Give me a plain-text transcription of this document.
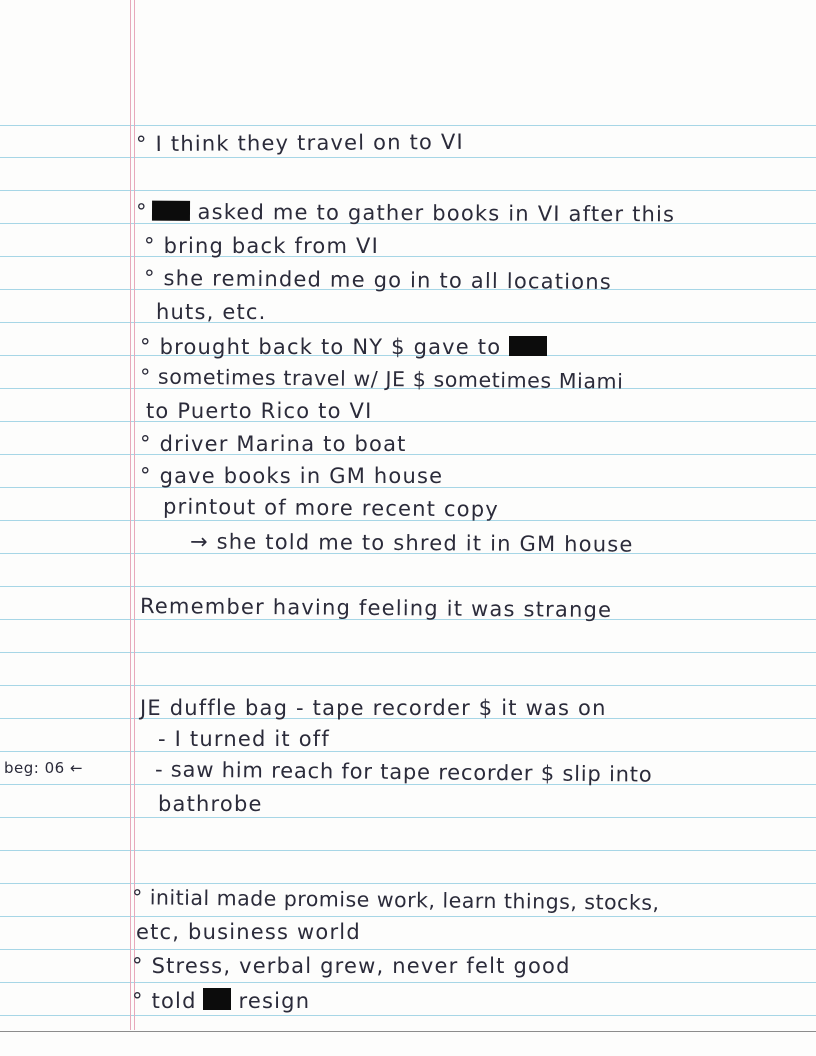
° I think they travel on to VI
° asked me to gather books in VI after this
° bring back from VI
° she reminded me go in to all locations
huts, etc.
° brought back to NY $ gave to
° sometimes travel w/ JE $ sometimes Miami
to Puerto Rico to VI
° driver Marina to boat
° gave books in GM house
printout of more recent copy
→ she told me to shred it in GM house
Remember having feeling it was strange
JE duffle bag - tape recorder $ it was on
- I turned it off
- saw him reach for tape recorder $ slip into
bathrobe
beg: 06 ←
° initial made promise work, learn things, stocks,
etc, business world
° Stress, verbal grew, never felt good
° told resign
